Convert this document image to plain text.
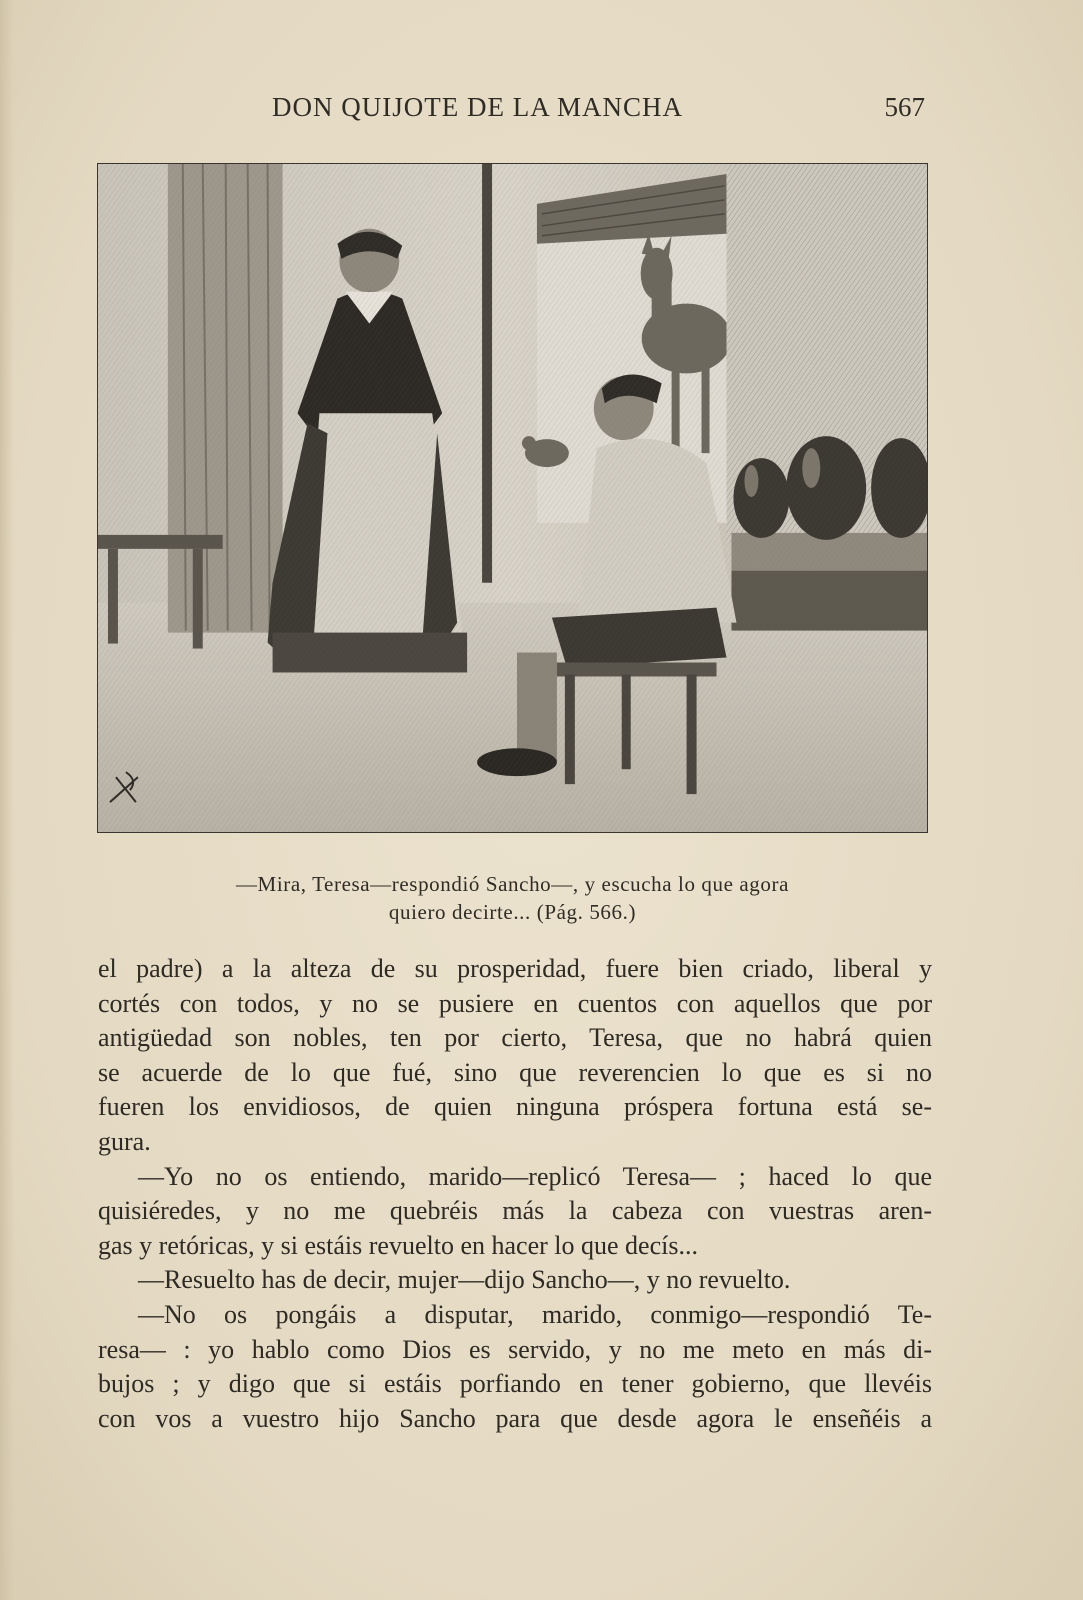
DON QUIJOTE DE LA MANCHA	567
—Mira, Teresa—respondió Sancho—, y escucha lo que agora
quiero decirte... (Pág. 566.)
el padre) a la alteza de su prosperidad, fuere bien criado, liberal y
cortés con todos, y no se pusiere en cuentos con aquellos que por
antigüedad son nobles, ten por cierto, Teresa, que no habrá quien
se acuerde de lo que fué, sino que reverencien lo que es si no
fueren los envidiosos, de quien ninguna próspera fortuna está se-
gura.
—Yo no os entiendo, marido—replicó Teresa— ; haced lo que
quisiéredes, y no me quebréis más la cabeza con vuestras aren-
gas y retóricas, y si estáis revuelto en hacer lo que decís...
—Resuelto has de decir, mujer—dijo Sancho—, y no revuelto.
—No os pongáis a disputar, marido, conmigo—respondió Te-
resa— : yo hablo como Dios es servido, y no me meto en más di-
bujos ; y digo que si estáis porfiando en tener gobierno, que llevéis
con vos a vuestro hijo Sancho para que desde agora le enseñéis a
